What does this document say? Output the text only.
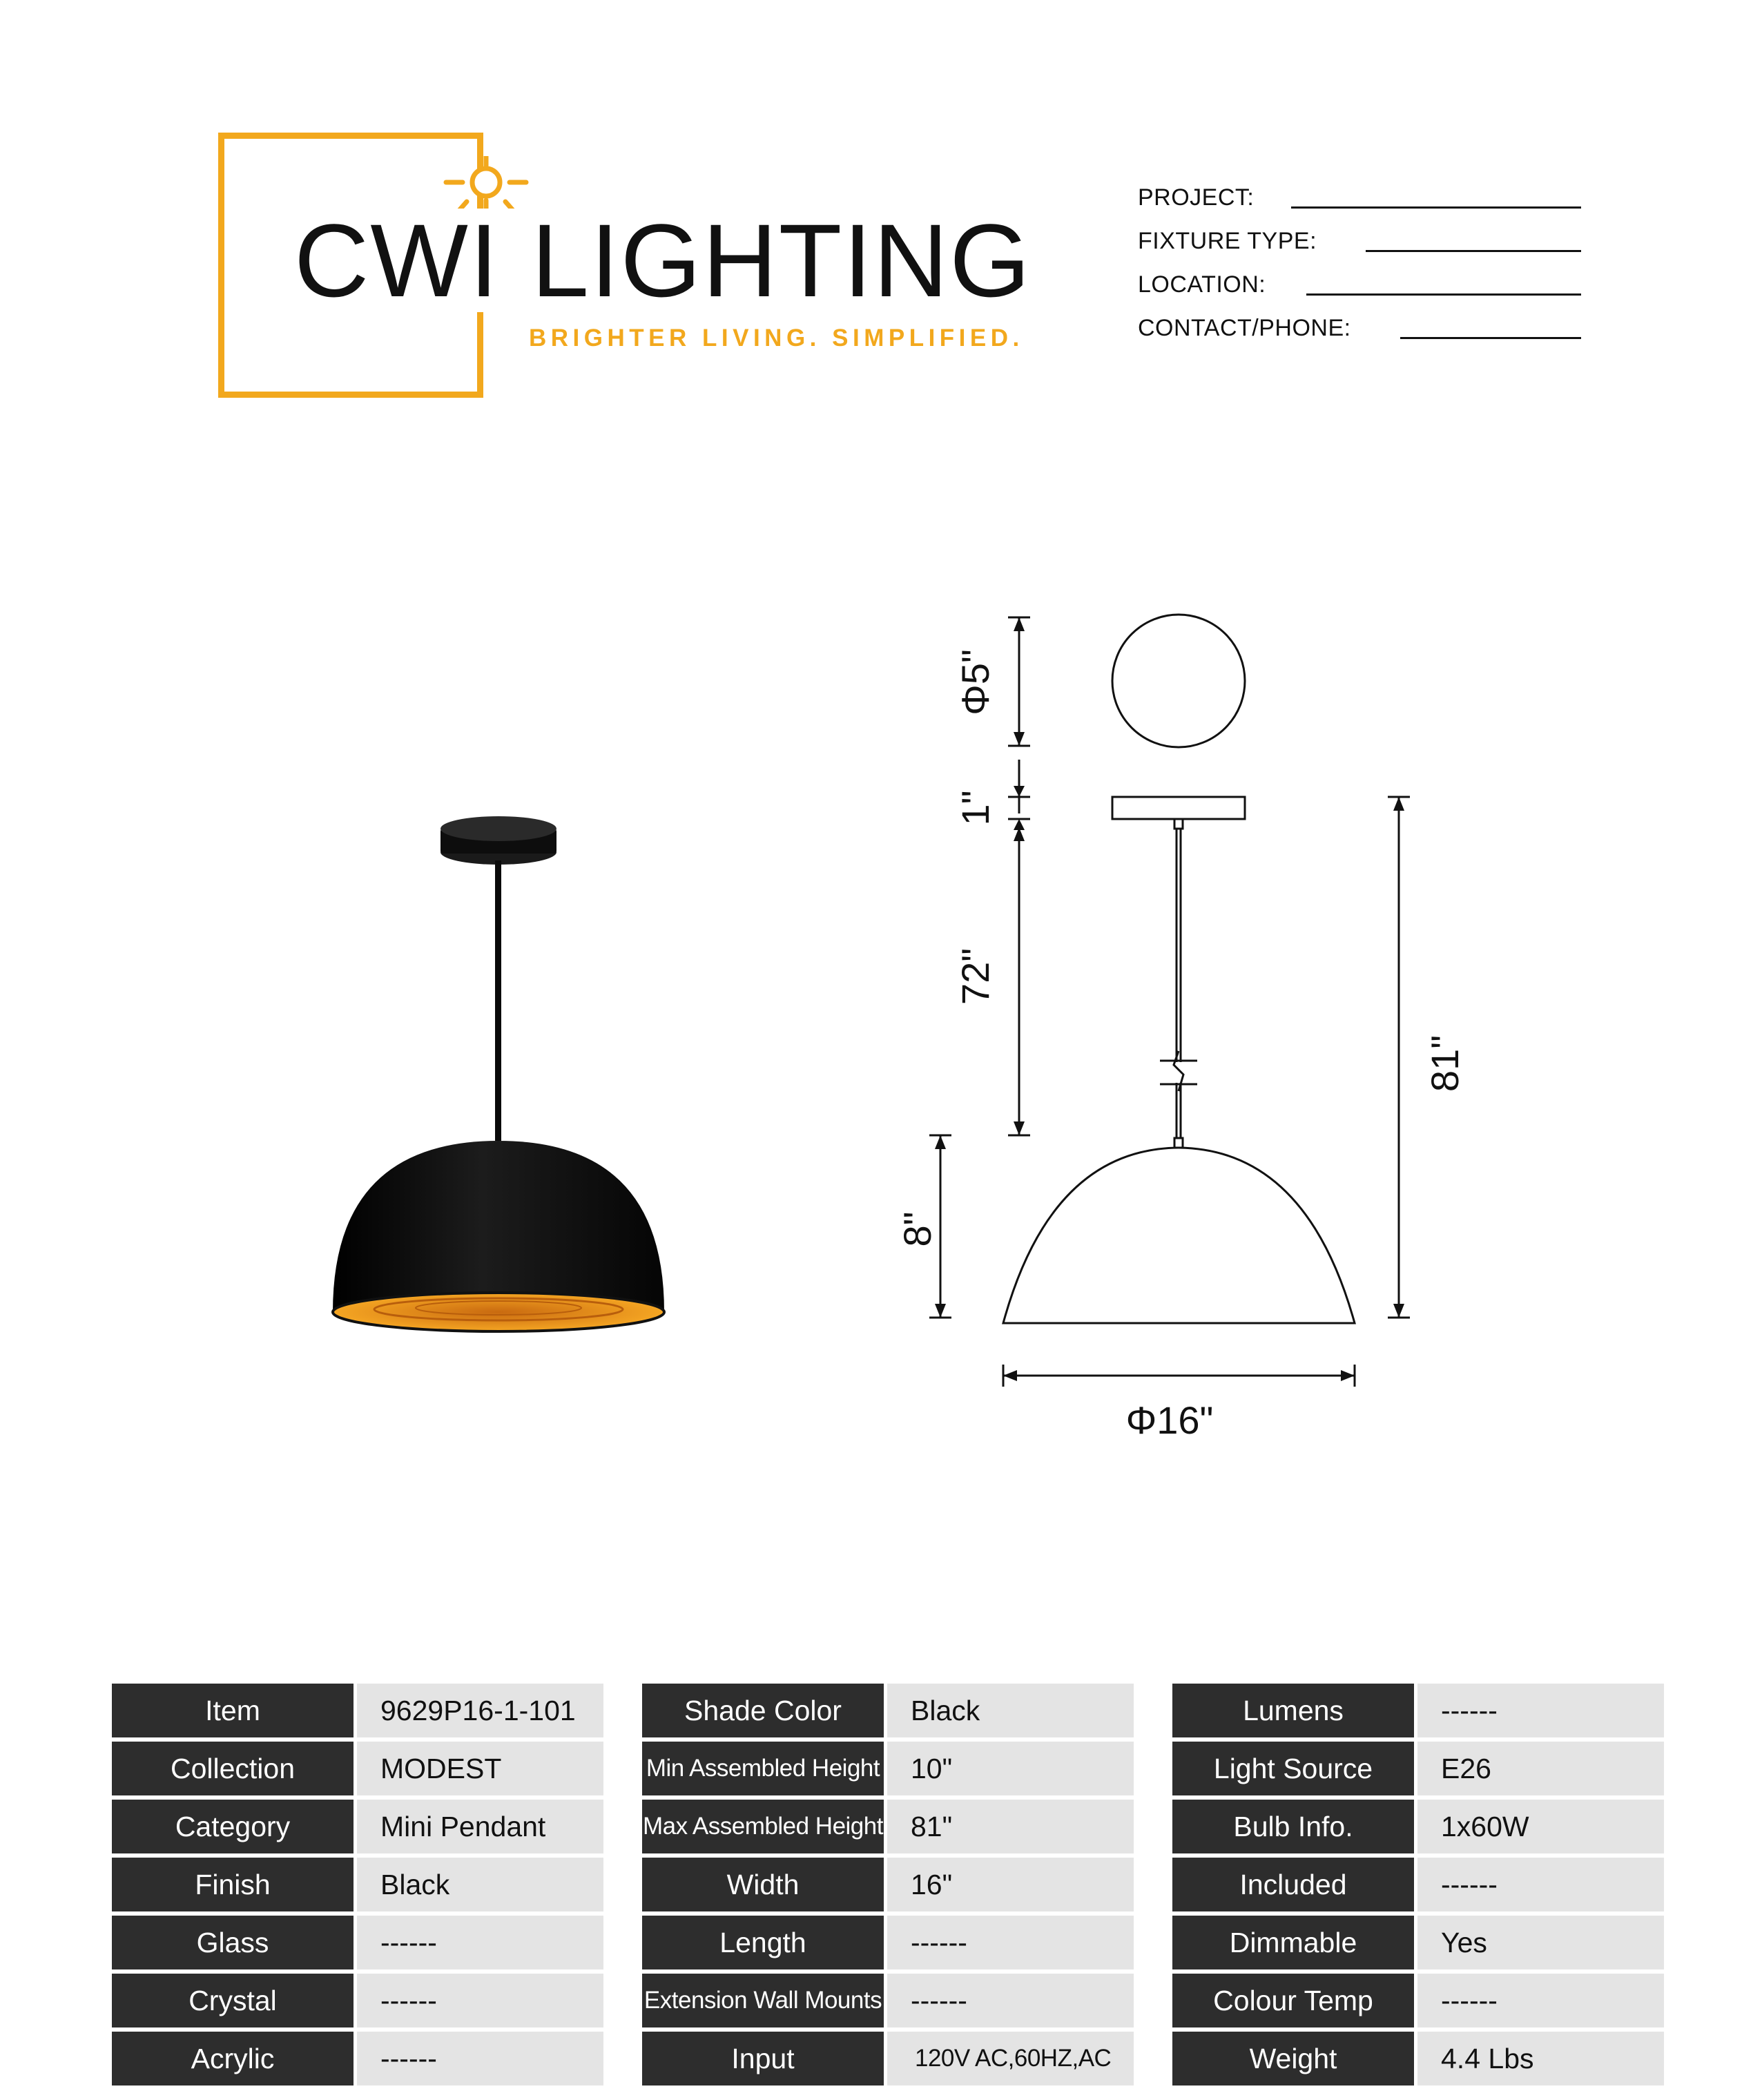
CWI LIGHTING
BRIGHTER LIVING. SIMPLIFIED.
PROJECT:
FIXTURE TYPE:
LOCATION:
CONTACT/PHONE:
Φ5"
1"
72"
8"
81"
Φ16"
Item	9629P16-1-101
Collection	MODEST
Category	Mini Pendant
Finish	Black
Glass	------
Crystal	------
Acrylic	------
Shade Color	Black
Min Assembled Height	10"
Max Assembled Height	81"
Width	16"
Length	------
Extension Wall Mounts	------
Input	120V AC,60HZ,AC
Lumens	------
Light Source	E26
Bulb Info.	1x60W
Included	------
Dimmable	Yes
Colour Temp	------
Weight	4.4 Lbs
